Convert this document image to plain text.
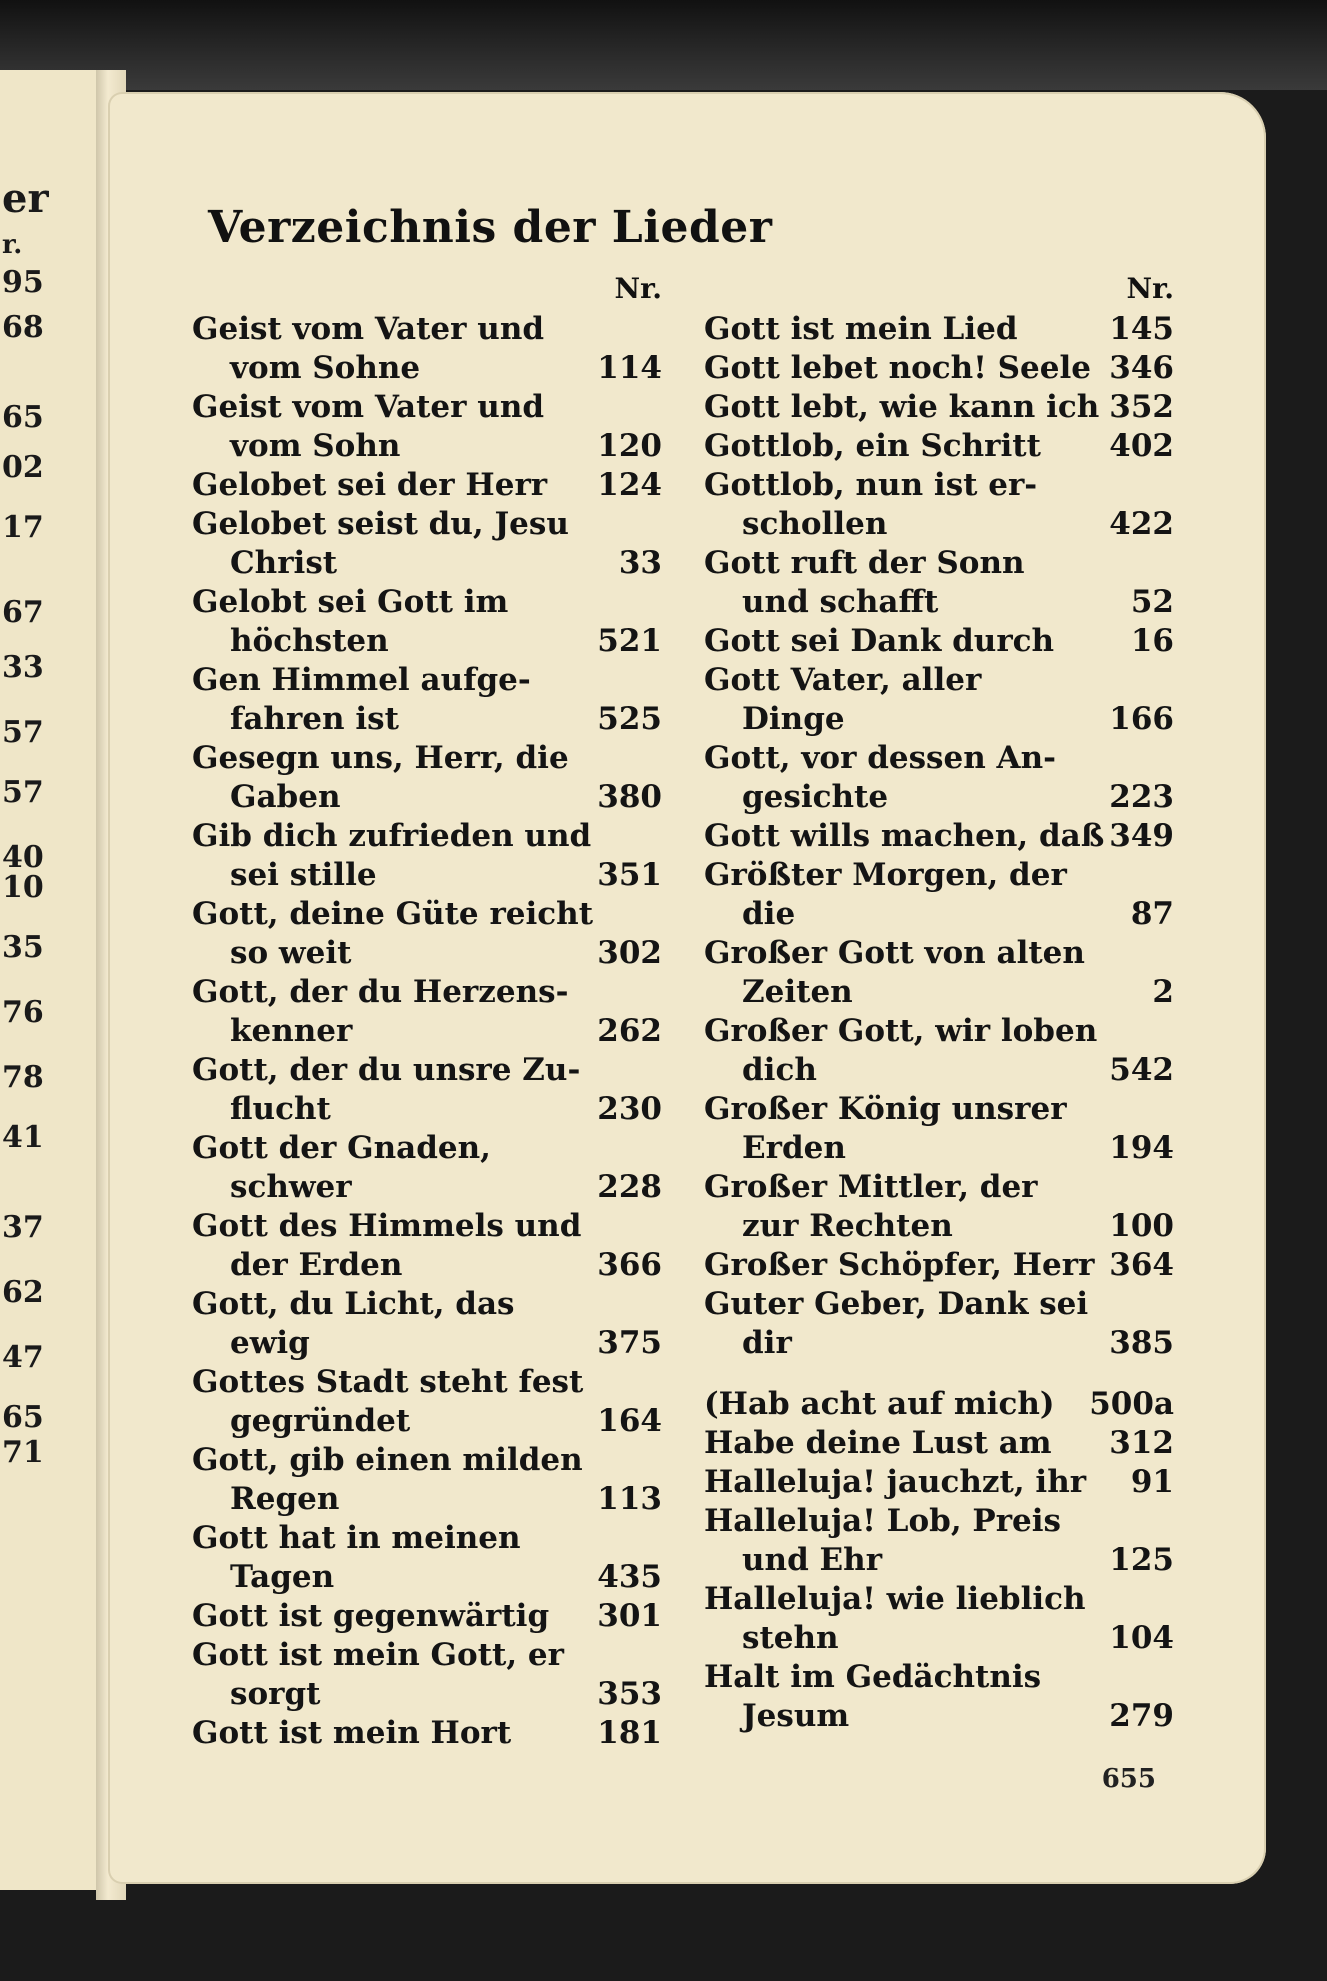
er
r.
95
68
65
02
17
67
33
57
57
40
10
35
76
78
41
37
62
47
65
71
Verzeichnis der Lieder
Nr.
Geist vom Vater und
vom Sohne	114
Geist vom Vater und
vom Sohn	120
Gelobet sei der Herr 124
Gelobet seist du, Jesu
Christ	33
Gelobt sei Gott im
höchsten	521
Gen Himmel aufge-
fahren ist	525
Gesegn uns, Herr, die
Gaben	380
Gib dich zufrieden und
sei stille	351
Gott, deine Güte reicht
so weit	302
Gott, der du Herzens-
kenner	262
Gott, der du unsre Zu-
flucht	230
Gott der Gnaden,
schwer	228
Gott des Himmels und
der Erden	366
Gott, du Licht, das
ewig	375
Gottes Stadt steht fest
gegründet	164
Gott, gib einen milden
Regen	113
Gott hat in meinen
Tagen	435
Gott ist gegenwärtig 301
Gott ist mein Gott, er
sorgt	353
Gott ist mein Hort	181
Nr.
Gott ist mein Lied	145
Gott lebet noch! Seele 346
Gott lebt, wie kann ich 352
Gottlob, ein Schritt 402
Gottlob, nun ist er-
schollen	422
Gott ruft der Sonn
und schafft	52
Gott sei Dank durch 16
Gott Vater, aller
Dinge	166
Gott, vor dessen An-
gesichte	223
Gott wills machen, daß 349
Größter Morgen, der
die	87
Großer Gott von alten
Zeiten	2
Großer Gott, wir loben
dich	542
Großer König unsrer
Erden	194
Großer Mittler, der
zur Rechten	100
Großer Schöpfer, Herr 364
Guter Geber, Dank sei
dir	385
(Hab acht auf mich) 500a
Habe deine Lust am 312
Halleluja! jauchzt, ihr 91
Halleluja! Lob, Preis
und Ehr	125
Halleluja! wie lieblich
stehn	104
Halt im Gedächtnis
Jesum	279
655
